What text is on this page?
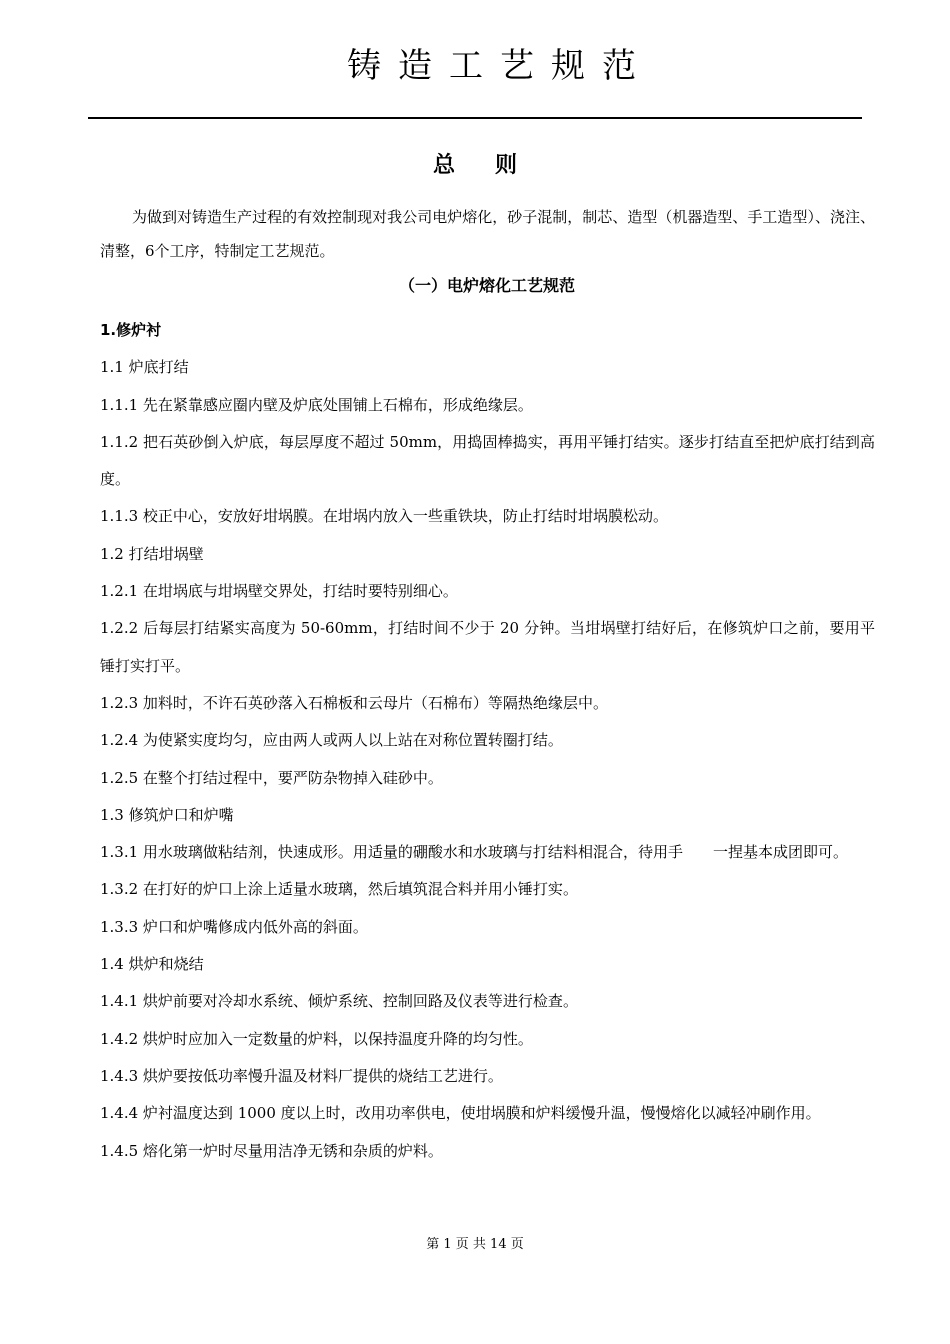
铸造工艺规范
总则
为做到对铸造生产过程的有效控制现对我公司电炉熔化，砂子混制，制芯、造型（机器造型、手工造型）、浇注、清整，6个工序，特制定工艺规范。
（一）电炉熔化工艺规范
1.修炉衬
1.1 炉底打结
1.1.1 先在紧靠感应圈内壁及炉底处围铺上石棉布，形成绝缘层。
1.1.2 把石英砂倒入炉底，每层厚度不超过 50mm，用捣固棒捣实，再用平锤打结实。逐步打结直至把炉底打结到高度。
1.1.3 校正中心，安放好坩埚膜。在坩埚内放入一些重铁块，防止打结时坩埚膜松动。
1.2 打结坩埚壁
1.2.1 在坩埚底与坩埚壁交界处，打结时要特别细心。
1.2.2 后每层打结紧实高度为 50-60mm，打结时间不少于 20 分钟。当坩埚壁打结好后，在修筑炉口之前，要用平锤打实打平。
1.2.3 加料时，不许石英砂落入石棉板和云母片（石棉布）等隔热绝缘层中。
1.2.4 为使紧实度均匀，应由两人或两人以上站在对称位置转圈打结。
1.2.5 在整个打结过程中，要严防杂物掉入硅砂中。
1.3 修筑炉口和炉嘴
1.3.1 用水玻璃做粘结剂，快速成形。用适量的硼酸水和水玻璃与打结料相混合，待用手　　一捏基本成团即可。
1.3.2 在打好的炉口上涂上适量水玻璃，然后填筑混合料并用小锤打实。
1.3.3 炉口和炉嘴修成内低外高的斜面。
1.4 烘炉和烧结
1.4.1 烘炉前要对冷却水系统、倾炉系统、控制回路及仪表等进行检查。
1.4.2 烘炉时应加入一定数量的炉料，以保持温度升降的均匀性。
1.4.3 烘炉要按低功率慢升温及材料厂提供的烧结工艺进行。
1.4.4 炉衬温度达到 1000 度以上时，改用功率供电，使坩埚膜和炉料缓慢升温，慢慢熔化以减轻冲刷作用。
1.4.5 熔化第一炉时尽量用洁净无锈和杂质的炉料。
第 1 页 共 14 页
